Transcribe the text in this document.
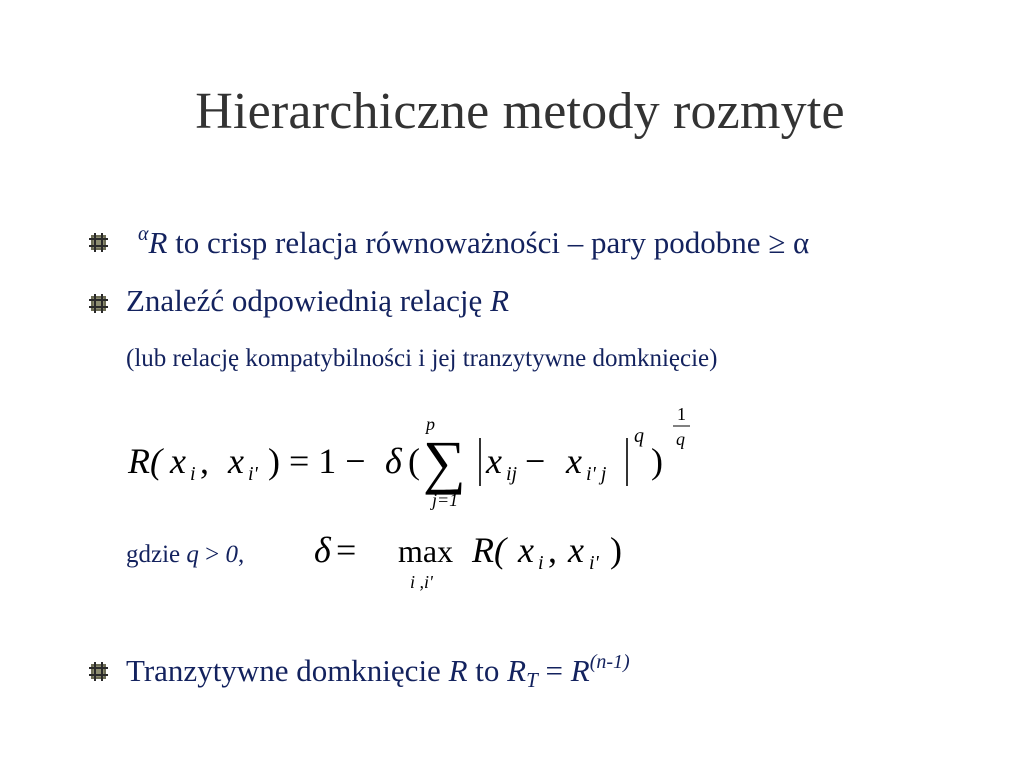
Hierarchiczne metody rozmyte
$^\alpha$R to crisp relacja równoważności – pary podobne ≥ α
Znaleźć odpowiednią relację R
(lub relację kompatybilności i jej tranzytywne domknięcie)
R( x i , x i' ) = 1 − δ (
p
∑
j=1
x ij − x i' j
q
)
1
q
gdzie q > 0, δ = max
i ,i'
R( x i , x i' )
Tranzytywne domknięcie R to $R_T = R^{(n-1)}$
